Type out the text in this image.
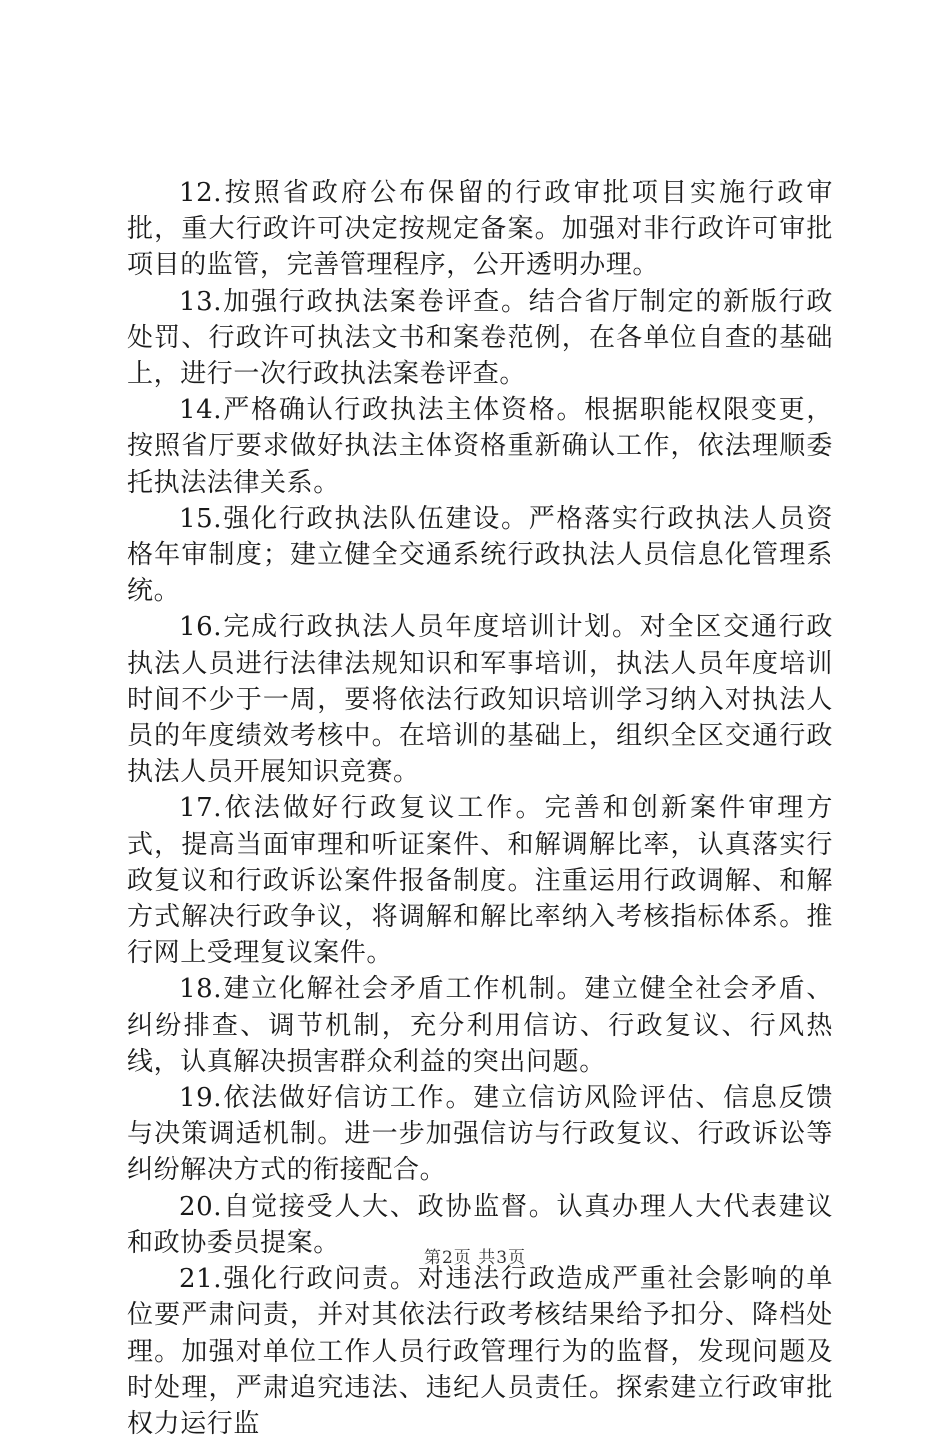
12.按照省政府公布保留的行政审批项目实施行政审批，重大行政许可决定按规定备案。加强对非行政许可审批项目的监管，完善管理程序，公开透明办理。

13.加强行政执法案卷评查。结合省厅制定的新版行政处罚、行政许可执法文书和案卷范例，在各单位自查的基础上，进行一次行政执法案卷评查。

14.严格确认行政执法主体资格。根据职能权限变更，按照省厅要求做好执法主体资格重新确认工作，依法理顺委托执法法律关系。

15.强化行政执法队伍建设。严格落实行政执法人员资格年审制度；建立健全交通系统行政执法人员信息化管理系统。

16.完成行政执法人员年度培训计划。对全区交通行政执法人员进行法律法规知识和军事培训，执法人员年度培训时间不少于一周，要将依法行政知识培训学习纳入对执法人员的年度绩效考核中。在培训的基础上，组织全区交通行政执法人员开展知识竞赛。

17.依法做好行政复议工作。完善和创新案件审理方式，提高当面审理和听证案件、和解调解比率，认真落实行政复议和行政诉讼案件报备制度。注重运用行政调解、和解方式解决行政争议，将调解和解比率纳入考核指标体系。推行网上受理复议案件。

18.建立化解社会矛盾工作机制。建立健全社会矛盾、纠纷排查、调节机制，充分利用信访、行政复议、行风热线，认真解决损害群众利益的突出问题。

19.依法做好信访工作。建立信访风险评估、信息反馈与决策调适机制。进一步加强信访与行政复议、行政诉讼等纠纷解决方式的衔接配合。

20.自觉接受人大、政协监督。认真办理人大代表建议和政协委员提案。

21.强化行政问责。对违法行政造成严重社会影响的单位要严肃问责，并对其依法行政考核结果给予扣分、降档处理。加强对单位工作人员行政管理行为的监督，发现问题及时处理，严肃追究违法、违纪人员责任。探索建立行政审批权力运行监

第2页 共3页
